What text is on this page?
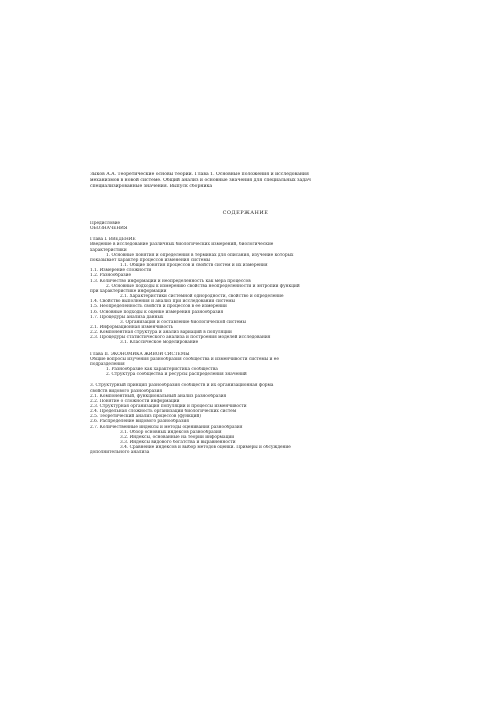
Зыков А.А. Теоретические основы теории. Глава 1. Основные положения и исследования
механизмов в новой системе. Общий анализ и основные значения для специальных задач
специализированные значения. Выпуск сборника
СОДЕРЖАНИЕ
Предисловие
ОБОЗНАЧЕНИЯ
Глава I. ВВЕДЕНИЕ
Введение в исследование различных биологических измерений, биологические
характеристики
1. Основные понятия и определения в терминах для описания, изучение которых
показывает характер процессов изменения системы
1.1. Общие понятия процессов и свойств систем и их измерения
1.1. Измерение сложности
1.2. Разнообразие
1.3. Количество информации и неопределённость как мера процессов
2. Основные подходы к измерению свойства неопределённости и энтропии функций
при характеристике информации
2.1. Характеристики системной однородности, свойство и определение
1.4. Свойство выполнения и анализ при исследовании системы
1.5. Неопределённость свойств и процессов в её измерении
1.6. Основные подходы к оценке измерения разнообразия
1.7. Процедуры анализа данных
3. Организация и составление биологической системы
2.1. Информационная изменчивость
2.2. Компонентная структура и анализ вариаций в популяции
2.3. Процедуры статистического анализа и построения моделей исследования
3.1. Классическое моделирование
Глава II. ЭКОНОМИКА ЖИВОЙ СИСТЕМЫ
Общие вопросы изучения разнообразия сообщества и изменчивости системы и её
подразделения
1. Разнообразие как характеристика сообщества
2. Структура сообщества и ресурсы распределения значений
3. Структурный принцип разнообразия сообществ и их организационная форма
свойств видового разнообразия
2.1. Компонентный, функциональный анализ разнообразия
2.2. Понятие о сложности информации
2.3. Структурная организация популяции и процессы изменчивости
2.4. Предельная сложность организации биологических систем
2.5. Теоретический анализ процессов (функций)
2.6. Распределение видового разнообразия
2.7. Количественные индексы и методы оценивания разнообразия
3.1. Обзор основных индексов разнообразия
3.2. Индексы, основанные на теории информации
3.3. Индексы видового богатства и выравненности
3.4. Сравнение индексов и выбор методов оценки. Примеры и обсуждение
дополнительного анализа
